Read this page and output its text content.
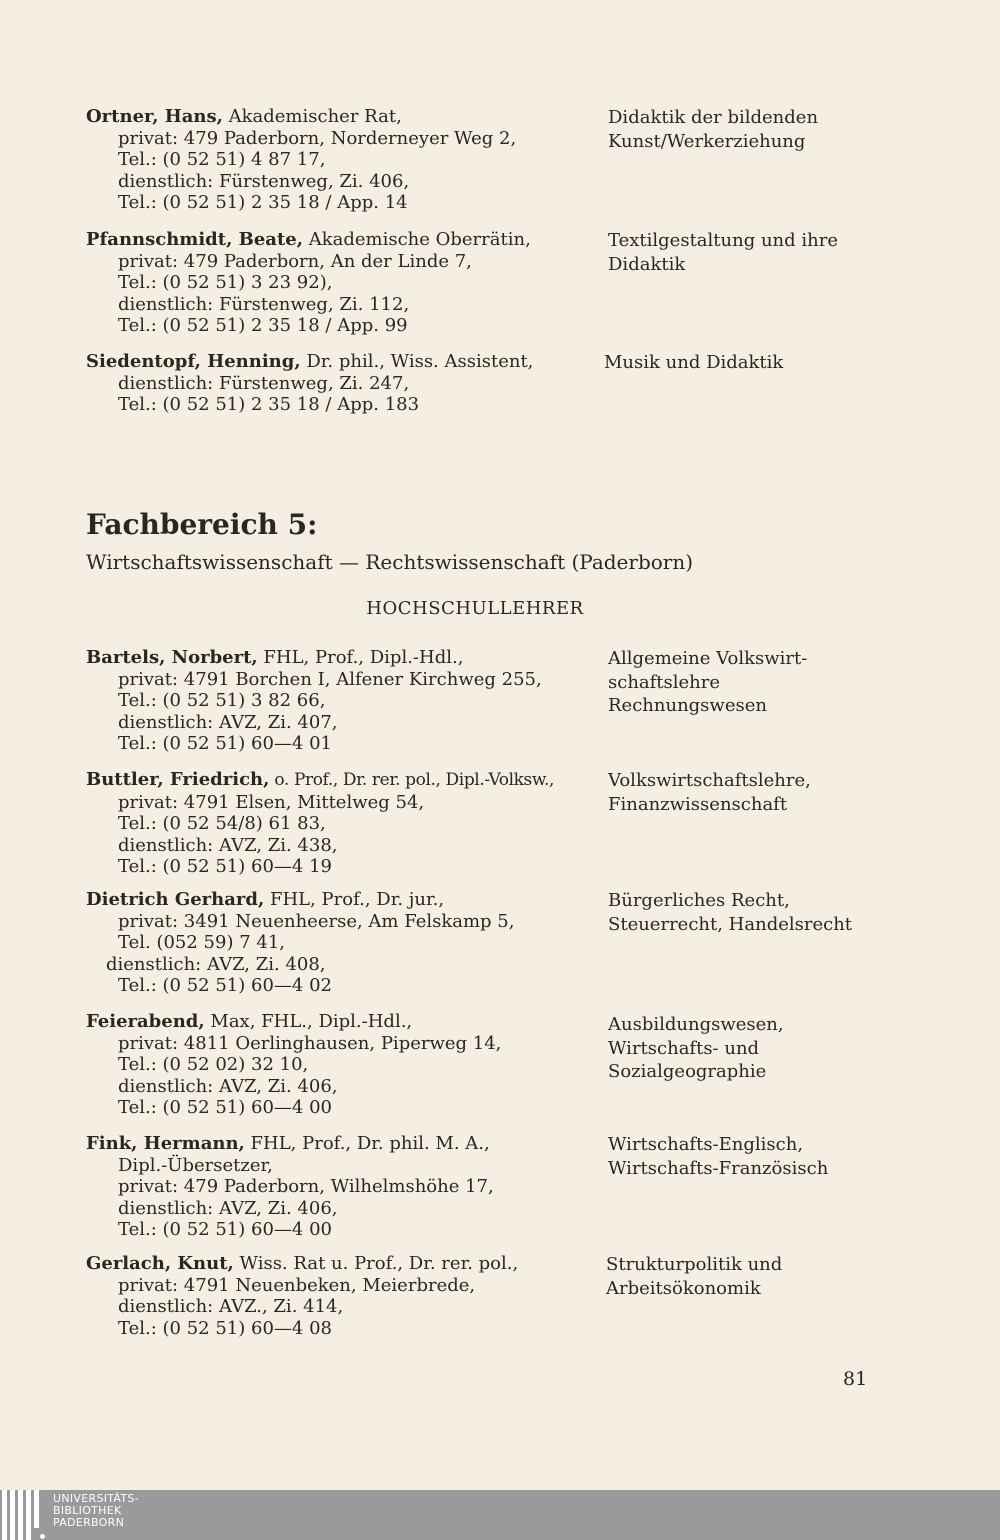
Ortner, Hans, Akademischer Rat,
privat: 479 Paderborn, Norderneyer Weg 2,
Tel.: (0 52 51) 4 87 17,
dienstlich: Fürstenweg, Zi. 406,
Tel.: (0 52 51) 2 35 18 / App. 14
Didaktik der bildenden
Kunst/Werkerziehung
Pfannschmidt, Beate, Akademische Oberrätin,
privat: 479 Paderborn, An der Linde 7,
Tel.: (0 52 51) 3 23 92),
dienstlich: Fürstenweg, Zi. 112,
Tel.: (0 52 51) 2 35 18 / App. 99
Textilgestaltung und ihre
Didaktik
Siedentopf, Henning, Dr. phil., Wiss. Assistent,
dienstlich: Fürstenweg, Zi. 247,
Tel.: (0 52 51) 2 35 18 / App. 183
Musik und Didaktik
Fachbereich 5:
Wirtschaftswissenschaft — Rechtswissenschaft (Paderborn)
HOCHSCHULLEHRER
Bartels, Norbert, FHL, Prof., Dipl.-Hdl.,
privat: 4791 Borchen I, Alfener Kirchweg 255,
Tel.: (0 52 51) 3 82 66,
dienstlich: AVZ, Zi. 407,
Tel.: (0 52 51) 60—4 01
Allgemeine Volkswirt-
schaftslehre
Rechnungswesen
Buttler, Friedrich, o. Prof., Dr. rer. pol., Dipl.-Volksw.,
privat: 4791 Elsen, Mittelweg 54,
Tel.: (0 52 54/8) 61 83,
dienstlich: AVZ, Zi. 438,
Tel.: (0 52 51) 60—4 19
Volkswirtschaftslehre,
Finanzwissenschaft
Dietrich Gerhard, FHL, Prof., Dr. jur.,
privat: 3491 Neuenheerse, Am Felskamp 5,
Tel. (052 59) 7 41,
dienstlich: AVZ, Zi. 408,
Tel.: (0 52 51) 60—4 02
Bürgerliches Recht,
Steuerrecht, Handelsrecht
Feierabend, Max, FHL., Dipl.-Hdl.,
privat: 4811 Oerlinghausen, Piperweg 14,
Tel.: (0 52 02) 32 10,
dienstlich: AVZ, Zi. 406,
Tel.: (0 52 51) 60—4 00
Ausbildungswesen,
Wirtschafts- und
Sozialgeographie
Fink, Hermann, FHL, Prof., Dr. phil. M. A.,
Dipl.-Übersetzer,
privat: 479 Paderborn, Wilhelmshöhe 17,
dienstlich: AVZ, Zi. 406,
Tel.: (0 52 51) 60—4 00
Wirtschafts-Englisch,
Wirtschafts-Französisch
Gerlach, Knut, Wiss. Rat u. Prof., Dr. rer. pol.,
privat: 4791 Neuenbeken, Meierbrede,
dienstlich: AVZ., Zi. 414,
Tel.: (0 52 51) 60—4 08
Strukturpolitik und
Arbeitsökonomik
81
UNIVERSITÄTS-
BIBLIOTHEK
PADERBORN
